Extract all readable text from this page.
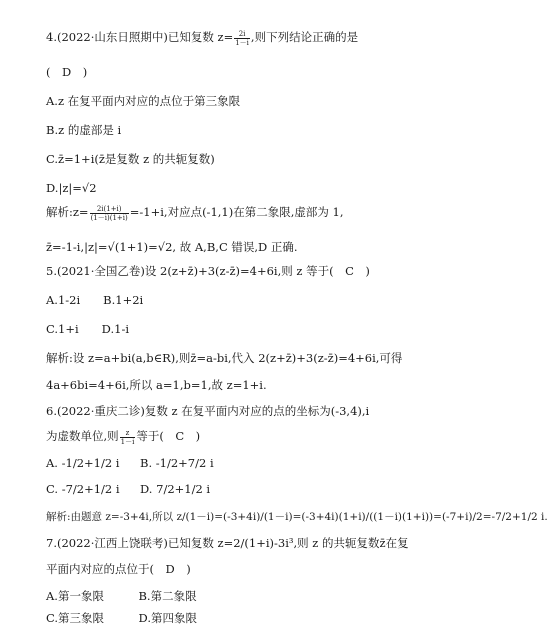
4.(2022·山东日照期中)已知复数 $z= \frac{2i}{1-i}$ ,则下列结论正确的是
(　D　)
A.z 在复平面内对应的点位于第三象限
B.z 的虚部是 i
C.z̄=1+i(z̄是复数 z 的共轭复数)
D.|z|=√2
解析:z= $\frac{2i(1+i)}{(1-i)(1+i)} =-1+i$,对应点(-1,1)在第二象限,虚部为 1,
z̄=-1-i,|z|=√(1+1)=√2, 故 A,B,C 错误,D 正确.
5.(2021·全国乙卷)设 2(z+z̄)+3(z-z̄)=4+6i,则 z 等于(　C　)
A.1-2i　　B.1+2i
C.1+i　　D.1-i
解析:设 z=a+bi(a,b∈R),则z̄=a-bi,代入 2(z+z̄)+3(z-z̄)=4+6i,可得
4a+6bi=4+6i,所以 a=1,b=1,故 z=1+i.
6.(2022·重庆二诊)复数 z 在复平面内对应的点的坐标为(-3,4),i
为虚数单位,则 $\frac{z}{1-i}$ 等于(　C　)
A. -1/2+1/2 i B. -1/2+7/2 i
C. -7/2+1/2 i D. 7/2+1/2 i
解析:由题意 z=-3+4i,所以 z/(1－i)=(-3+4i)/(1－i)=(-3+4i)(1+i)/((1－i)(1+i))=(-7+i)/2=-7/2+1/2 i.
7.(2022·江西上饶联考)已知复数 z=2/(1+i)-3i³,则 z 的共轭复数z̄在复
平面内对应的点位于(　D　)
A.第一象限　　　B.第二象限
C.第三象限　　　D.第四象限
